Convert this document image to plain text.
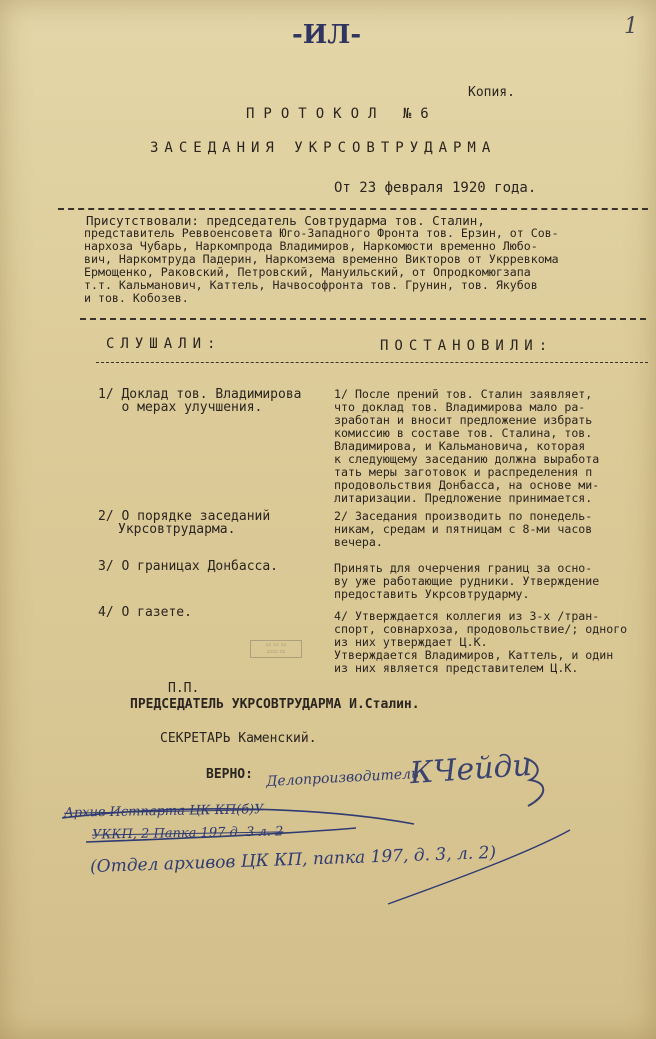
-ИЛ-	1
Копия.
ПРОТОКОЛ №6
ЗАСЕДАНИЯ УКРСОВТРУДАРМА
От 23 февраля 1920 года.
Присутствовали: председатель Совтрударма тов. Сталин,
представитель Реввоенсовета Юго-Западного Фронта тов. Ерзин, от Сов-
нархоза Чубарь, Наркомпрода Владимиров, Наркомюсти временно Любо-
вич, Наркомтруда Падерин, Наркомзема временно Викторов от Укрревкома
Ермощенко, Раковский, Петровский, Мануильский, от Опродкомюгзапа
т.т. Кальманович, Каттель, Начвософронта тов. Грунин, тов. Якубов
и тов. Кобозев.
СЛУШАЛИ:	ПОСТАНОВИЛИ:
1/ Доклад тов. Владимирова
о мерах улучшения.
1/ После прений тов. Сталин заявляет,
что доклад тов. Владимирова мало ра-
зработан и вносит предложение избрать
комиссию в составе тов. Сталина, тов.
Владимирова, и Кальмановича, которая
к следующему заседанию должна выработа
тать меры заготовок и распределения п
продовольствия Донбасса, на основе ми-
литаризации. Предложение принимается.
2/ О порядке заседаний
Укрсовтрударма.
2/ Заседания производить по понедель-
никам, средам и пятницам с 8-ми часов
вечера.
3/ О границах Донбасса.	Принять для очерчения границ за осно-
ву уже работающие рудники. Утверждение
предоставить Укрсовтрударму.
4/ О газете.	4/ Утверждается коллегия из 3-х /тран-
спорт, совнархоза, продовольствие/; одного
из них утверждает Ц.К.
Утверждается Владимиров, Каттель, и один
из них является представителем Ц.К.
▭ ▭ ▭
▭▭ ▭
П.П.
ПРЕДСЕДАТЕЛЬ УКРСОВТРУДАРМА И.Сталин.
СЕКРЕТАРЬ Каменский.
ВЕРНО: Делопроизводитель
КЧейди
Архив Истпарта ЦК КП(б)У
УККП, 2 Папка 197 д. 3 л. 2
(Отдел архивов ЦК КП, папка 197, д. 3, л. 2)
